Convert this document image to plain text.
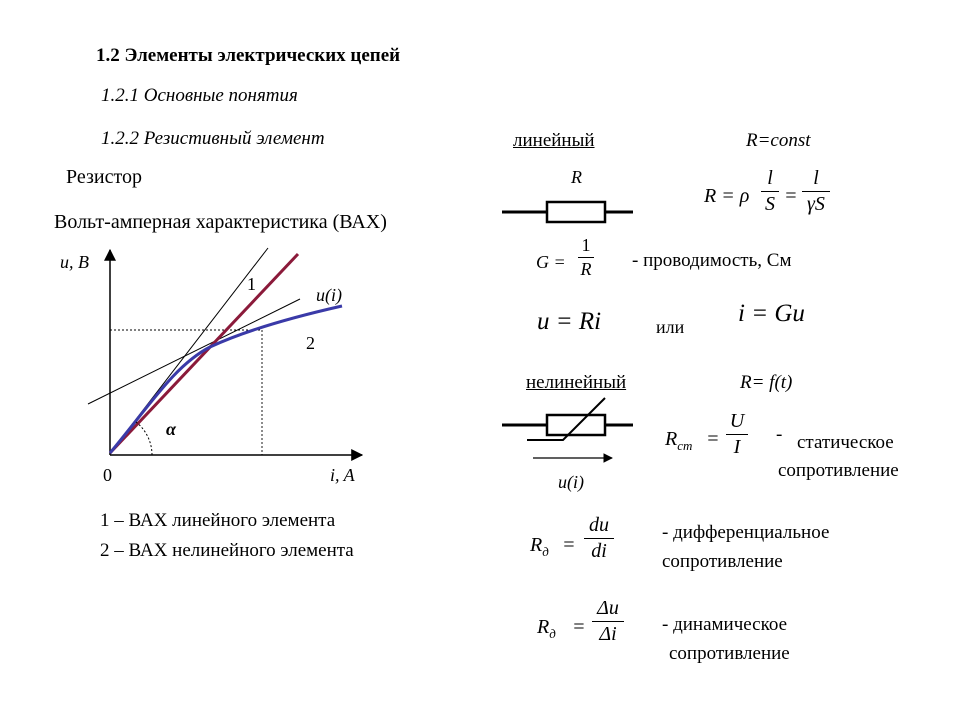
1.2 Элементы электрических цепей
1.2.1 Основные понятия
1.2.2 Резистивный элемент
Резистор
Вольт-амперная характеристика (ВАХ)
u, B
i, A
0
1
2
u(i)
α
1 – ВАХ линейного элемента
2 – ВАХ нелинейного элемента
линейный	R=const
R
R = ρ
l
S =
l
γS
G =
1
R - проводимость, См
u = Ri	или i = Gu
нелинейный	R= f(t)
u(i)
$R_{ст}$ =
U
I
- статическое
сопротивление
$R_д$ =
du
di
- дифференциальное
сопротивление
$R_д$ =
Δu
Δi - динамическое
сопротивление
